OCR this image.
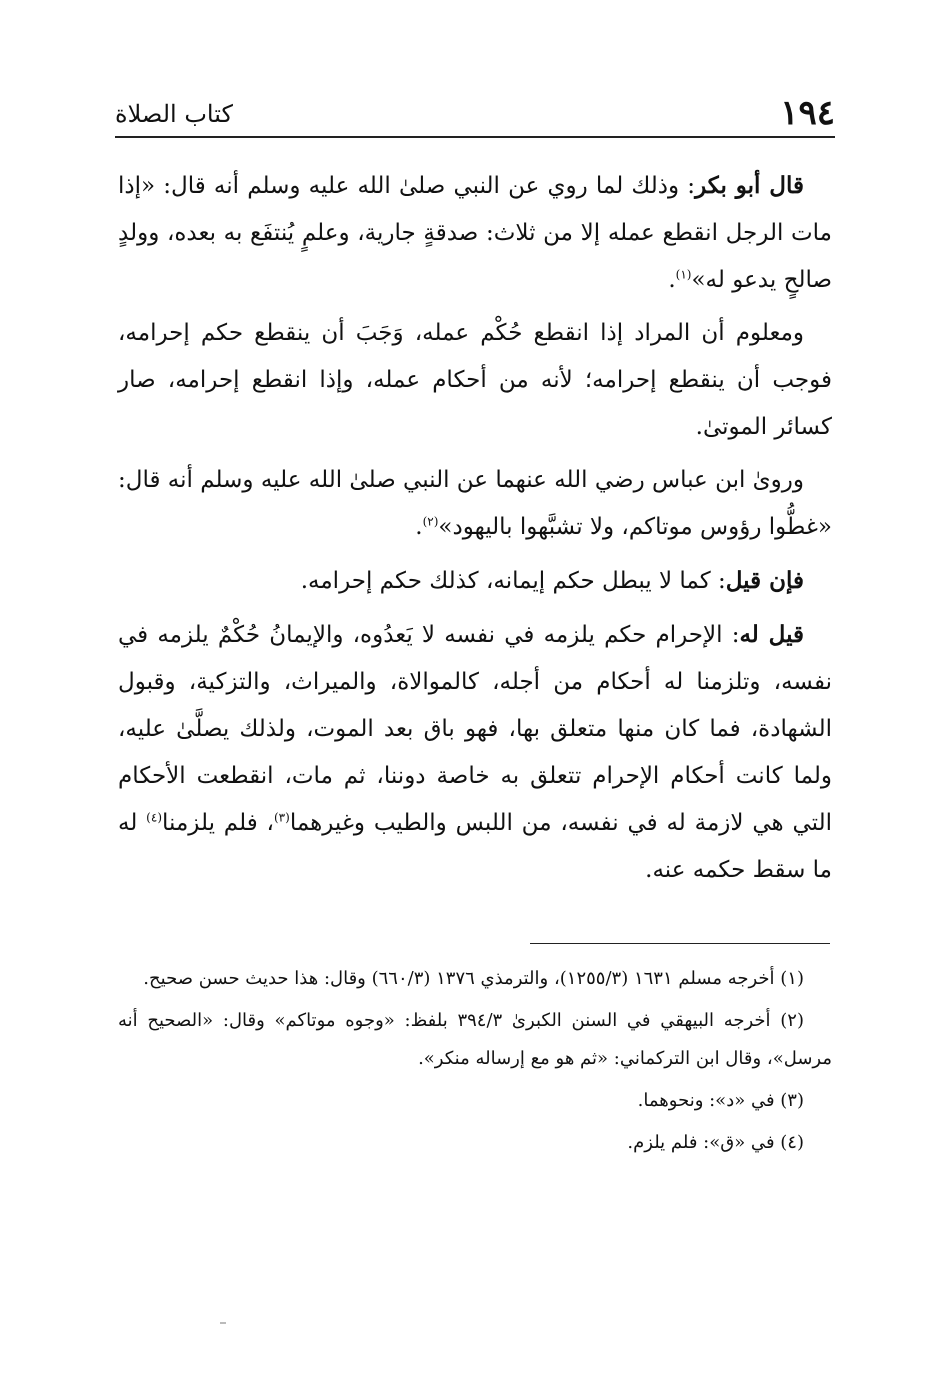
١٩٤
كتاب الصلاة

قال أبو بكر: وذلك لما روي عن النبي صلىٰ الله عليه وسلم أنه قال: «إذا مات الرجل انقطع عمله إلا من ثلاث: صدقةٍ جارية، وعلمٍ يُنتفَع به بعده، وولدٍ صالحٍ يدعو له»$^{(١)}$.

ومعلوم أن المراد إذا انقطع حُكْم عمله، وَجَبَ أن ينقطع حكم إحرامه، فوجب أن ينقطع إحرامه؛ لأنه من أحكام عمله، وإذا انقطع إحرامه، صار كسائر الموتىٰ.

ورویٰ ابن عباس رضي الله عنهما عن النبي صلىٰ الله عليه وسلم أنه قال: «غطُّوا رؤوس موتاكم، ولا تشبَّهوا باليهود»$^{(٢)}$.

فإن قيل: كما لا يبطل حكم إيمانه، كذلك حكم إحرامه.

قيل له: الإحرام حكم يلزمه في نفسه لا يَعدُوه، والإيمانُ حُكْمٌ يلزمه في نفسه، وتلزمنا له أحكام من أجله، كالموالاة، والميراث، والتزكية، وقبول الشهادة، فما كان منها متعلق بها، فهو باق بعد الموت، ولذلك يصلَّىٰ عليه، ولما كانت أحكام الإحرام تتعلق به خاصة دوننا، ثم مات، انقطعت الأحكام التي هي لازمة له في نفسه، من اللبس والطيب وغيرهما$^{(٣)}$، فلم يلزمنا$^{(٤)}$ له ما سقط حكمه عنه.

(١) أخرجه مسلم ١٦٣١ (١٢٥٥/٣)، والترمذي ١٣٧٦ (٦٦٠/٣) وقال: هذا حديث حسن صحيح.

(٢) أخرجه البيهقي في السنن الكبرىٰ ٣٩٤/٣ بلفظ: «وجوه موتاكم» وقال: «الصحيح أنه مرسل»، وقال ابن التركماني: «ثم هو مع إرساله منكر».

(٣) في «د»: ونحوهما.

(٤) في «ق»: فلم يلزم.
